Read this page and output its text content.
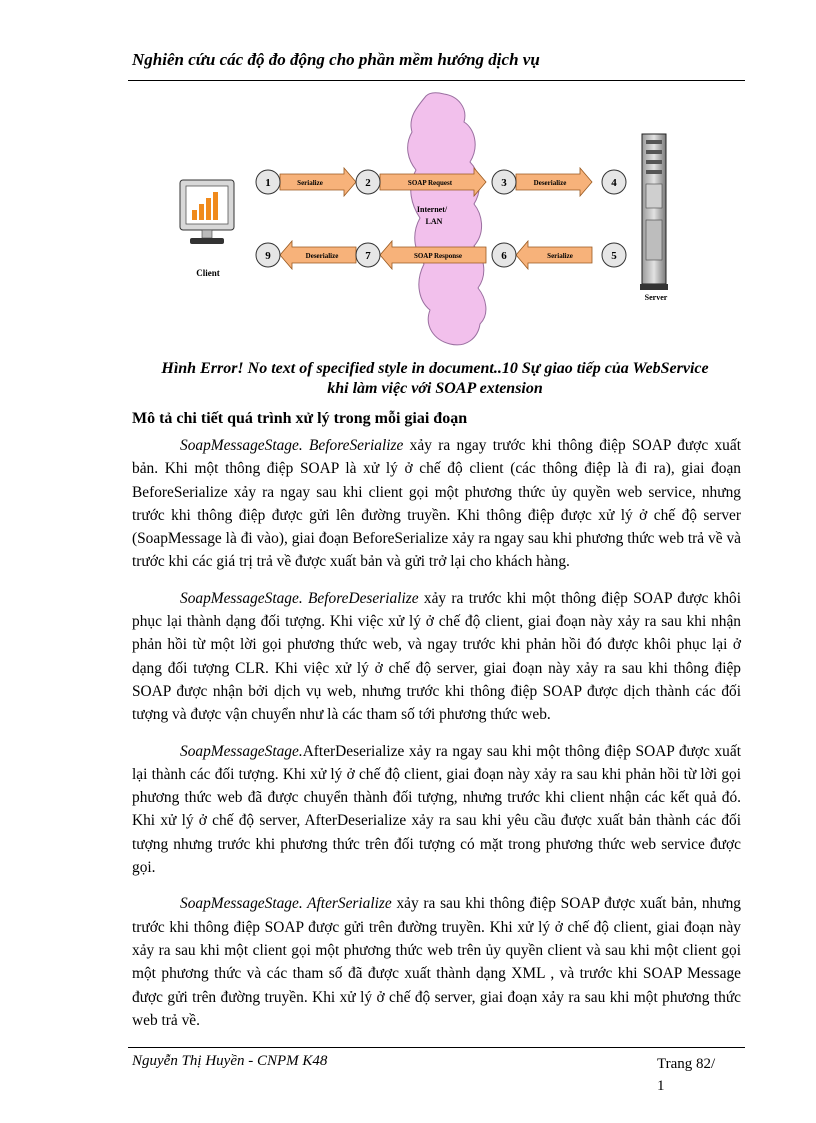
Nghiên cứu các độ đo động cho phần mềm hướng dịch vụ
Internet/
LAN
Client
Server
Serialize	SOAP Request	Deserialize
Serialize
SOAP Response
Deserialize
1	2	3	4
5
6
7
9
Hình Error! No text of specified style in document..10 Sự giao tiếp của WebService
khi làm việc với SOAP extension
Mô tả chi tiết quá trình xử lý trong mỗi giai đoạn

SoapMessageStage. BeforeSerialize xảy ra ngay trước khi thông điệp SOAP được xuất bản. Khi một thông điệp SOAP là xử lý ở chế độ client (các thông điệp là đi ra), giai đoạn BeforeSerialize xảy ra ngay sau khi client gọi một phương thức ủy quyền web service, nhưng trước khi thông điệp được gửi lên đường truyền. Khi thông điệp được xử lý ở chế độ server (SoapMessage là đi vào), giai đoạn BeforeSerialize xảy ra ngay sau khi phương thức web trả về và trước khi các giá trị trả về được xuất bản và gửi trở lại cho khách hàng.

SoapMessageStage. BeforeDeserialize xảy ra trước khi một thông điệp SOAP được khôi phục lại thành dạng đối tượng. Khi việc xử lý ở chế độ client, giai đoạn này xảy ra sau khi nhận phản hồi từ một lời gọi phương thức web, và ngay trước khi phản hồi đó được khôi phục lại ở dạng đối tượng CLR. Khi việc xử lý ở chế độ server, giai đoạn này xảy ra sau khi thông điệp SOAP được nhận bởi dịch vụ web, nhưng trước khi thông điệp SOAP được dịch thành các đối tượng và được vận chuyển như là các tham số tới phương thức web.

SoapMessageStage.AfterDeserialize xảy ra ngay sau khi một thông điệp SOAP được xuất lại thành các đối tượng. Khi xử lý ở chế độ client, giai đoạn này xảy ra sau khi phản hồi từ lời gọi phương thức web đã được chuyển thành đối tượng, nhưng trước khi client nhận các kết quả đó. Khi xử lý ở chế độ server, AfterDeserialize xảy ra sau khi yêu cầu được xuất bản thành các đối tượng nhưng trước khi phương thức trên đối tượng có mặt trong phương thức web service được gọi.

SoapMessageStage. AfterSerialize xảy ra sau khi thông điệp SOAP được xuất bản, nhưng trước khi thông điệp SOAP được gửi trên đường truyền. Khi xử lý ở chế độ client, giai đoạn này xảy ra sau khi một client gọi một phương thức web trên ủy quyền client và sau khi một client gọi một phương thức và các tham số đã được xuất thành dạng XML , và trước khi SOAP Message được gửi trên đường truyền. Khi xử lý ở chế độ server, giai đoạn xảy ra sau khi một phương thức web trả về.

Nguyễn Thị Huyền - CNPM K48	Trang 82/
1
